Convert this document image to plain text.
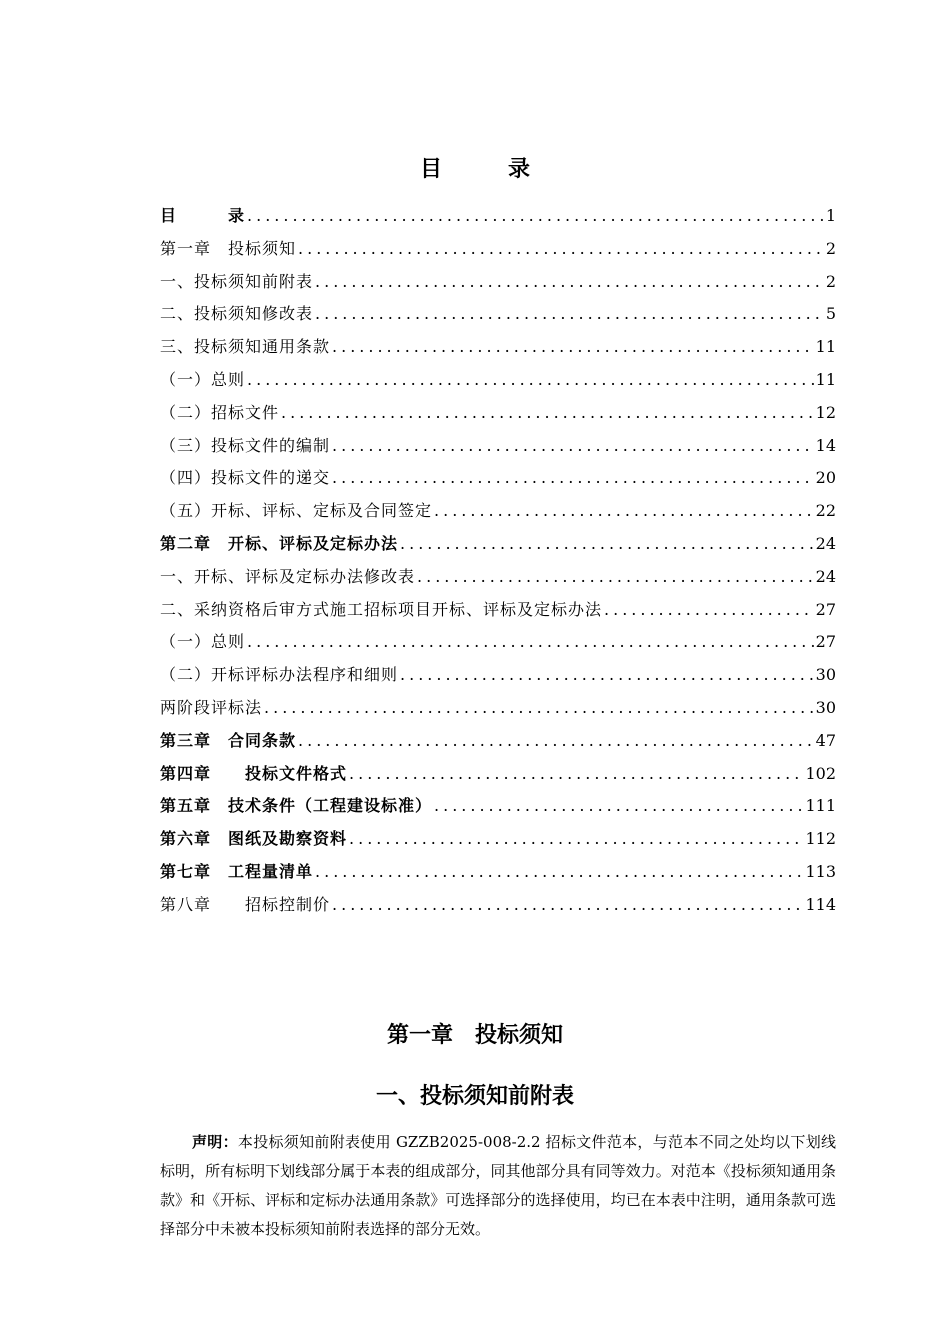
目	录
目　　　录 .....	1
第一章　投标须知 .....	2
一、投标须知前附表 .....	2
二、投标须知修改表 .....	5
三、投标须知通用条款 .....	11
（一）总则 .....	11
（二）招标文件 .....	12
（三）投标文件的编制 .....	14
（四）投标文件的递交 .....	20
（五）开标、评标、定标及合同签定 .....	22
第二章　开标、评标及定标办法 .....	24
一、开标、评标及定标办法修改表 .....	24
二、采纳资格后审方式施工招标项目开标、评标及定标办法 .....	27
（一）总则 .....	27
（二）开标评标办法程序和细则 .....	30
两阶段评标法 .....	30
第三章　合同条款 .....	47
第四章　　投标文件格式 .....	102
第五章　技术条件（工程建设标准） .....	111
第六章　图纸及勘察资料 .....	112
第七章　工程量清单 .....	113
第八章　　招标控制价 .....	114
第一章　投标须知
一、投标须知前附表

声明：本投标须知前附表使用 GZZB2025-008-2.2 招标文件范本，与范本不同之处均以下划线标明，所有标明下划线部分属于本表的组成部分，同其他部分具有同等效力。对范本《投标须知通用条款》和《开标、评标和定标办法通用条款》可选择部分的选择使用，均已在本表中注明，通用条款可选择部分中未被本投标须知前附表选择的部分无效。
